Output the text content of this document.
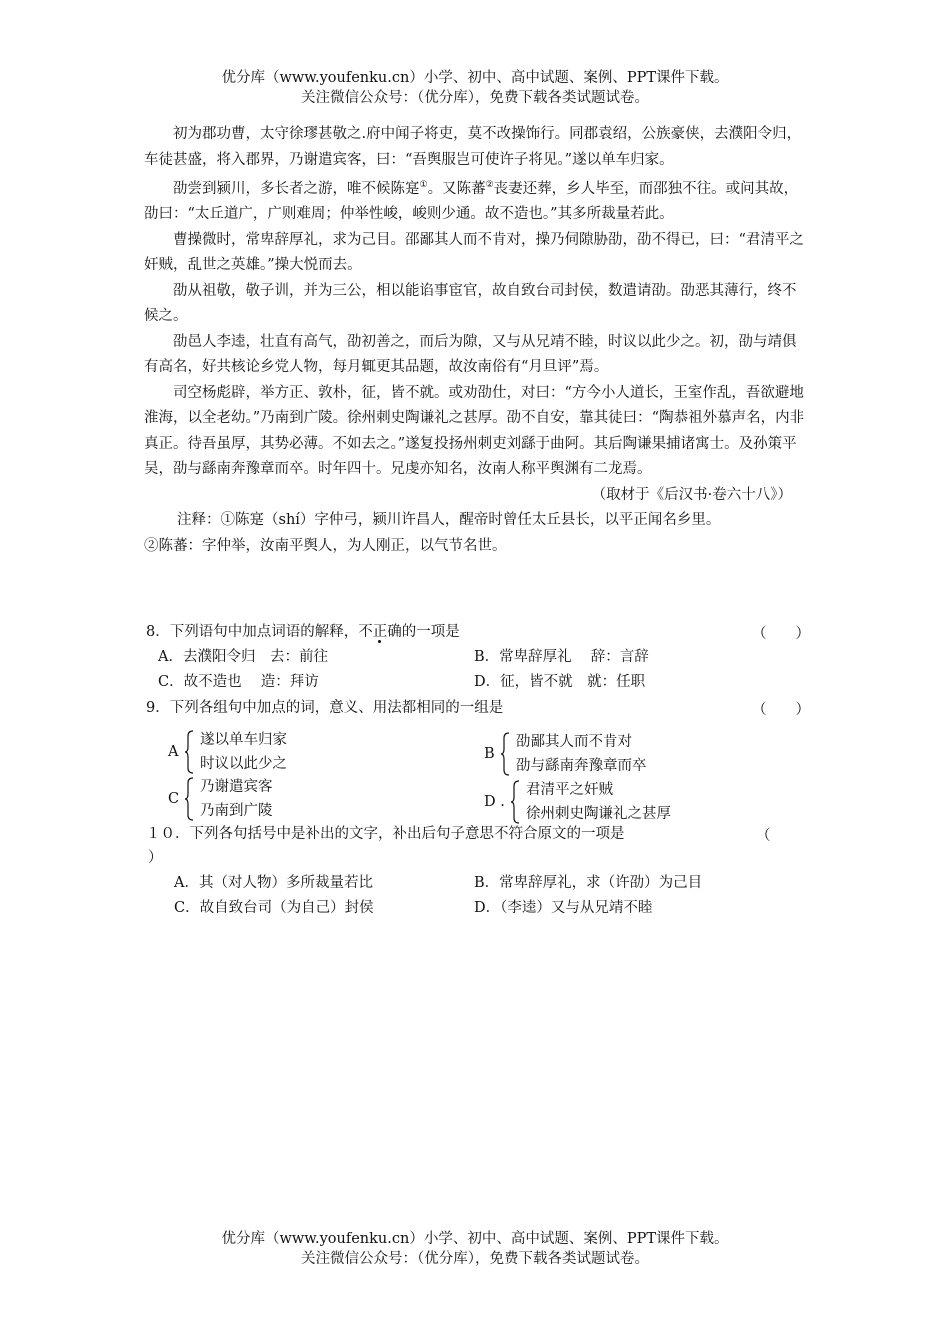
优分库（www.youfenku.cn）小学、初中、高中试题、案例、PPT课件下载。
关注微信公众号：（优分库），免费下载各类试题试卷。

初为郡功曹，太守徐璆甚敬之.府中闻子将吏，莫不改操饰行。同郡袁绍，公族豪侠，去濮阳令归，车徒甚盛，将入郡界，乃谢遣宾客，曰：“吾舆服岂可使许子将见。”遂以单车归家。

劭尝到颍川，多长者之游，唯不候陈寔①。又陈蕃②丧妻还葬，乡人毕至，而邵独不往。或问其故，劭曰：“太丘道广，广则难周；仲举性峻，峻则少通。故不造也。”其多所裁量若此。

曹操微时，常卑辞厚礼，求为己目。邵鄙其人而不肯对，操乃伺隙胁劭，劭不得已，曰：“君清平之奸贼，乱世之英雄。”操大悦而去。

劭从祖敬，敬子训，并为三公，相以能谄事宦官，故自致台司封侯，数遣请劭。劭恶其薄行，终不候之。

劭邑人李逵，壮直有高气，劭初善之，而后为隙，又与从兄靖不睦，时议以此少之。初，劭与靖俱有高名，好共核论乡党人物，每月辄更其品题，故汝南俗有“月旦评”焉。

司空杨彪辟，举方正、敦朴，征，皆不就。或劝劭仕，对曰：“方今小人道长，王室作乱，吾欲避地淮海，以全老幼。”乃南到广陵。徐州刺史陶谦礼之甚厚。劭不自安，靠其徒曰：“陶恭祖外慕声名，内非真正。待吾虽厚，其势必薄。不如去之。”遂复投扬州刺吏刘繇于曲阿。其后陶谦果捕诸寓士。及孙策平吴，劭与繇南奔豫章而卒。时年四十。兄虔亦知名，汝南人称平舆渊有二龙焉。

（取材于《后汉书·卷六十八》）

注释：①陈寔（shí）字仲弓，颍川许昌人，醒帝时曾任太丘县长，以平正闻名乡里。

②陈蕃：字仲举，汝南平舆人，为人刚正，以气节名世。

8．下列语句中加点词语的解释，不正确的一项是	（　　）
A．去濮阳令归　去：前往	B．常卑辞厚礼　 辞：言辞
C．故不造也　 造：拜访	D．征，皆不就　就：任职
9．下列各组句中加点的词，意义、用法都相同的一组是	（　　）
A
遂以单车归家
时议以此少之
B
劭鄙其人而不肯对
劭与繇南奔豫章而卒
C
乃谢遣宾客
乃南到广陵
D .
君清平之奸贼
徐州刺史陶谦礼之甚厚
１０．下列各句括号中是补出的文字，补出后句子意思不符合原文的一项是	（
）
A．其（对人物）多所裁量若比	B．常卑辞厚礼，求（许劭）为己目
C．故自致台司（为自己）封侯	D．（李逵）又与从兄靖不睦
优分库（www.youfenku.cn）小学、初中、高中试题、案例、PPT课件下载。
关注微信公众号：（优分库），免费下载各类试题试卷。
